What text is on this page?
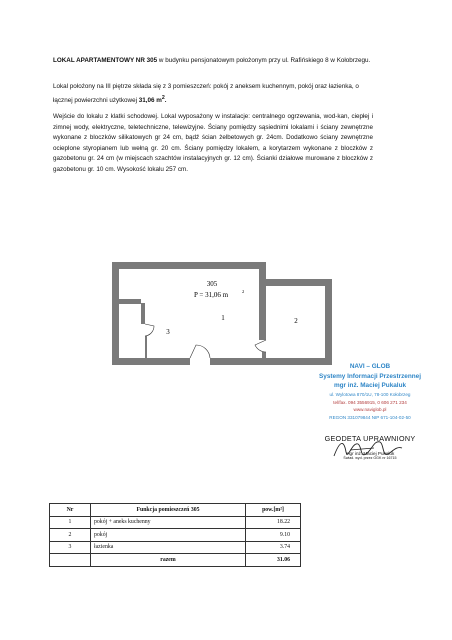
LOKAL APARTAMENTOWY NR 305 w budynku pensjonatowym położonym przy ul. Rafińskiego 8 w Kołobrzegu.
Lokal położony na III piętrze składa się z 3 pomieszczeń: pokój z aneksem kuchennym, pokój oraz łazienka, o łącznej powierzchni użytkowej 31,06 $m^2$.
Wejście do lokalu z klatki schodowej. Lokal wyposażony w instalacje: centralnego ogrzewania, wod-kan, ciepłej i zimnej wody, elektryczne, teletechniczne, telewizyjne. Ściany pomiędzy sąsiednimi lokalami i ściany zewnętrzne wykonane z bloczków silikatowych gr 24 cm, bądź ścian żelbetowych gr. 24cm. Dodatkowo ściany zewnętrzne ocieplone styropianem lub wełną gr. 20 cm. Ściany pomiędzy lokalem, a korytarzem wykonane z bloczków z gazobetonu gr. 24 cm (w miejscach szachtów instalacyjnych gr. 12 cm). Ścianki działowe murowane z bloczków z gazobetonu gr. 10 cm. Wysokość lokalu 257 cm.
305
P = 31,06 m	2
1	2
3
NAVI – GLOB
Systemy Informacji Przestrzennej
mgr inż. Maciej Pukaluk
ul. Wylotowa 870/1U, 78-100 Kołobrzeg
tel/fax. 094 3556915, 0 606 271 234
www.naviglob.pl
REGON 331079844 NIP 671-104-02-50
GEODETA UPRAWNIONY
mgr inż. Maciej Pukaluk
Świad. wyd. przez GGK nr 16715
Nr	Funkcja pomieszczeń 305	pow.[m²]
1	pokój + aneks kuchenny	18.22
2	pokój	9.10
3	łazienka	3.74
	razem	31.06
